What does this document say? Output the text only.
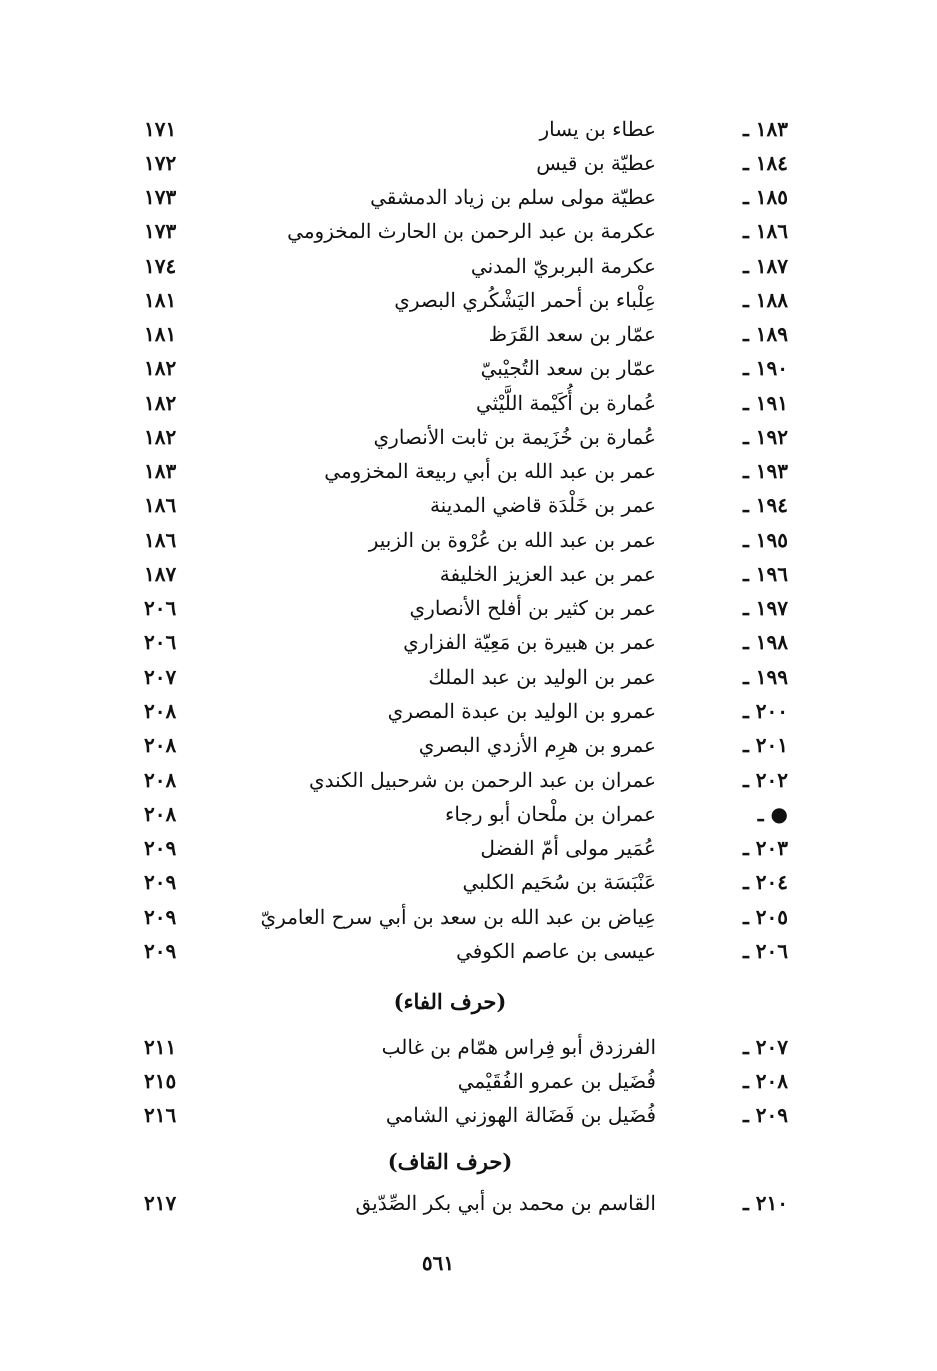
١٨٣ ـ
عطاء بن يسار
١٧١
١٨٤ ـ
عطيّة بن قيس
١٧٢
١٨٥ ـ
عطيّة مولى سلم بن زياد الدمشقي
١٧٣
١٨٦ ـ
عكرمة بن عبد الرحمن بن الحارث المخزومي
١٧٣
١٨٧ ـ
عكرمة البربريّ المدني
١٧٤
١٨٨ ـ
عِلْباء بن أحمر اليَشْكُري البصري
١٨١
١٨٩ ـ
عمّار بن سعد القَرَظ
١٨١
١٩٠ ـ
عمّار بن سعد التُجيْبيّ
١٨٢
١٩١ ـ
عُمارة بن أُكَيْمة اللَّيْثي
١٨٢
١٩٢ ـ
عُمارة بن خُزَيمة بن ثابت الأنصاري
١٨٢
١٩٣ ـ
عمر بن عبد الله بن أبي ربيعة المخزومي
١٨٣
١٩٤ ـ
عمر بن خَلْدَة قاضي المدينة
١٨٦
١٩٥ ـ
عمر بن عبد الله بن عُرْوة بن الزبير
١٨٦
١٩٦ ـ
عمر بن عبد العزيز الخليفة
١٨٧
١٩٧ ـ
عمر بن كثير بن أفلح الأنصاري
٢٠٦
١٩٨ ـ
عمر بن هبيرة بن مَعِيّة الفزاري
٢٠٦
١٩٩ ـ
عمر بن الوليد بن عبد الملك
٢٠٧
٢٠٠ ـ
عمرو بن الوليد بن عبدة المصري
٢٠٨
٢٠١ ـ
عمرو بن هرِم الأزدي البصري
٢٠٨
٢٠٢ ـ
عمران بن عبد الرحمن بن شرحبيل الكندي
٢٠٨
● ـ
عمران بن ملْحان أبو رجاء
٢٠٨
٢٠٣ ـ
عُمَير مولى أمّ الفضل
٢٠٩
٢٠٤ ـ
عَنْبَسَة بن سُحَيم الكلبي
٢٠٩
٢٠٥ ـ
عِياض بن عبد الله بن سعد بن أبي سرح العامريّ
٢٠٩
٢٠٦ ـ
عيسى بن عاصم الكوفي
٢٠٩
(حرف الفاء)
٢٠٧ ـ
الفرزدق أبو فِراس همّام بن غالب
٢١١
٢٠٨ ـ
فُضَيل بن عمرو الفُقَيْمي
٢١٥
٢٠٩ ـ
فُضَيل بن فَضَالة الهوزني الشامي
٢١٦
(حرف القاف)
٢١٠ ـ
القاسم بن محمد بن أبي بكر الصِّدّيق
٢١٧
٥٦١
